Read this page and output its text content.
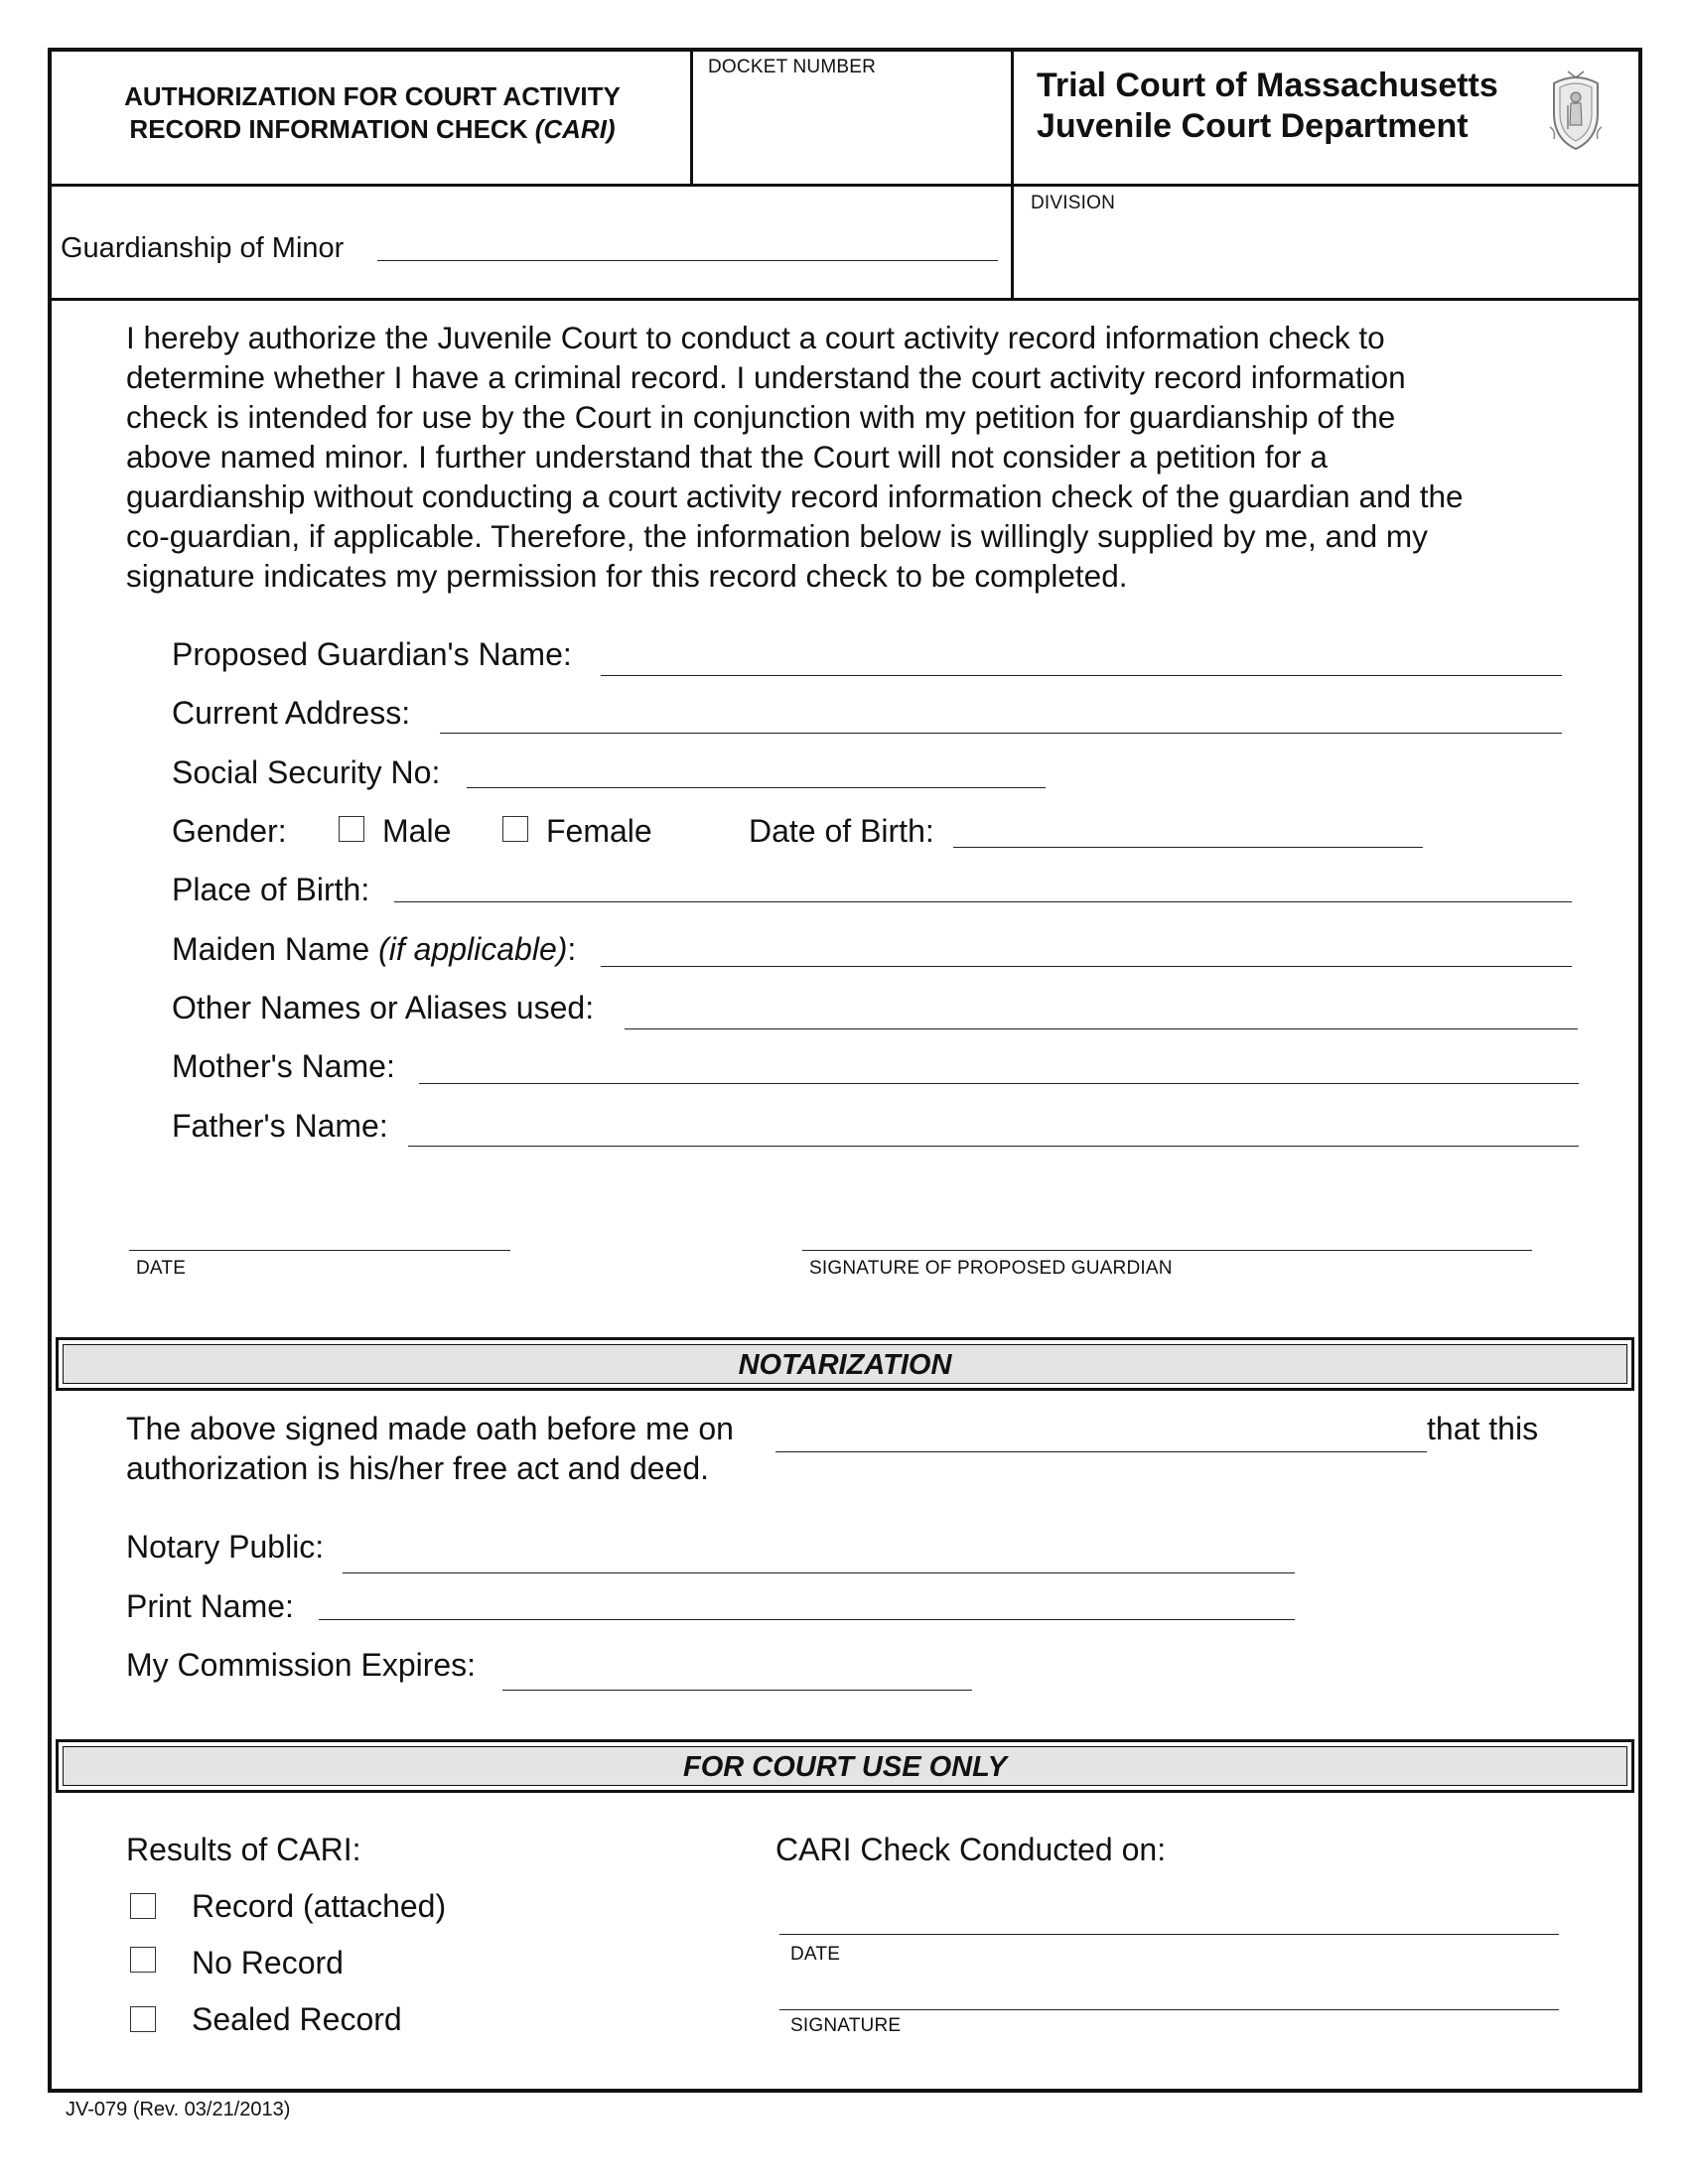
AUTHORIZATION FOR COURT ACTIVITY
RECORD INFORMATION CHECK (CARI)
DOCKET NUMBER	Trial Court of Massachusetts
Juvenile Court Department
Guardianship of Minor
DIVISION
I hereby authorize the Juvenile Court to conduct a court activity record information check to
determine whether I have a criminal record. I understand the court activity record information
check is intended for use by the Court in conjunction with my petition for guardianship of the
above named minor. I further understand that the Court will not consider a petition for a
guardianship without conducting a court activity record information check of the guardian and the
co-guardian, if applicable. Therefore, the information below is willingly supplied by me, and my
signature indicates my permission for this record check to be completed.
Proposed Guardian's Name:
Current Address:
Social Security No:
Gender:	Male	Female	Date of Birth:
Place of Birth:
Maiden Name (if applicable):
Other Names or Aliases used:
Mother's Name:
Father's Name:
DATE	SIGNATURE OF PROPOSED GUARDIAN
NOTARIZATION
The above signed made oath before me on	that this
authorization is his/her free act and deed.
Notary Public:
Print Name:
My Commission Expires:
FOR COURT USE ONLY
Results of CARI:
Record (attached)
No Record
Sealed Record
CARI Check Conducted on:
DATE
SIGNATURE
JV-079 (Rev. 03/21/2013)
